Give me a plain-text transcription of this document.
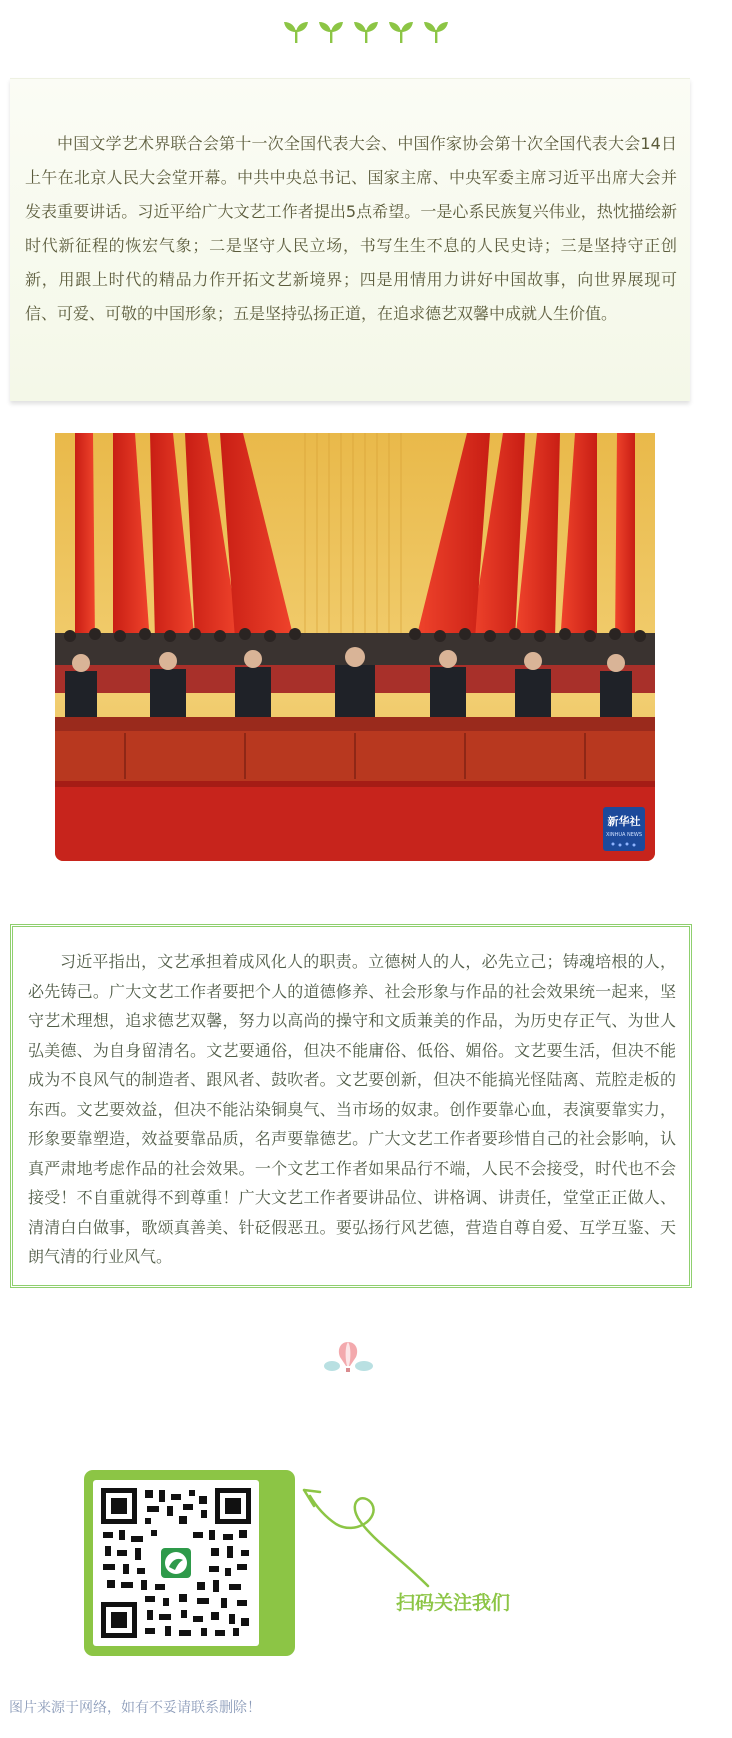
中国文学艺术界联合会第十一次全国代表大会、中国作家协会第十次全国代表大会14日上午在北京人民大会堂开幕。中共中央总书记、国家主席、中央军委主席习近平出席大会并发表重要讲话。习近平给广大文艺工作者提出5点希望。一是心系民族复兴伟业，热忱描绘新时代新征程的恢宏气象；二是坚守人民立场，书写生生不息的人民史诗；三是坚持守正创新，用跟上时代的精品力作开拓文艺新境界；四是用情用力讲好中国故事，向世界展现可信、可爱、可敬的中国形象；五是坚持弘扬正道，在追求德艺双馨中成就人生价值。

新华社
XINHUA NEWS

习近平指出，文艺承担着成风化人的职责。立德树人的人，必先立己；铸魂培根的人，必先铸己。广大文艺工作者要把个人的道德修养、社会形象与作品的社会效果统一起来，坚守艺术理想，追求德艺双馨，努力以高尚的操守和文质兼美的作品，为历史存正气、为世人弘美德、为自身留清名。文艺要通俗，但决不能庸俗、低俗、媚俗。文艺要生活，但决不能成为不良风气的制造者、跟风者、鼓吹者。文艺要创新，但决不能搞光怪陆离、荒腔走板的东西。文艺要效益，但决不能沾染铜臭气、当市场的奴隶。创作要靠心血，表演要靠实力，形象要靠塑造，效益要靠品质，名声要靠德艺。广大文艺工作者要珍惜自己的社会影响，认真严肃地考虑作品的社会效果。一个文艺工作者如果品行不端，人民不会接受，时代也不会接受！不自重就得不到尊重！广大文艺工作者要讲品位、讲格调、讲责任，堂堂正正做人、清清白白做事，歌颂真善美、针砭假恶丑。要弘扬行风艺德，营造自尊自爱、互学互鉴、天朗气清的行业风气。

扫码关注我们
图片来源于网络，如有不妥请联系删除！
